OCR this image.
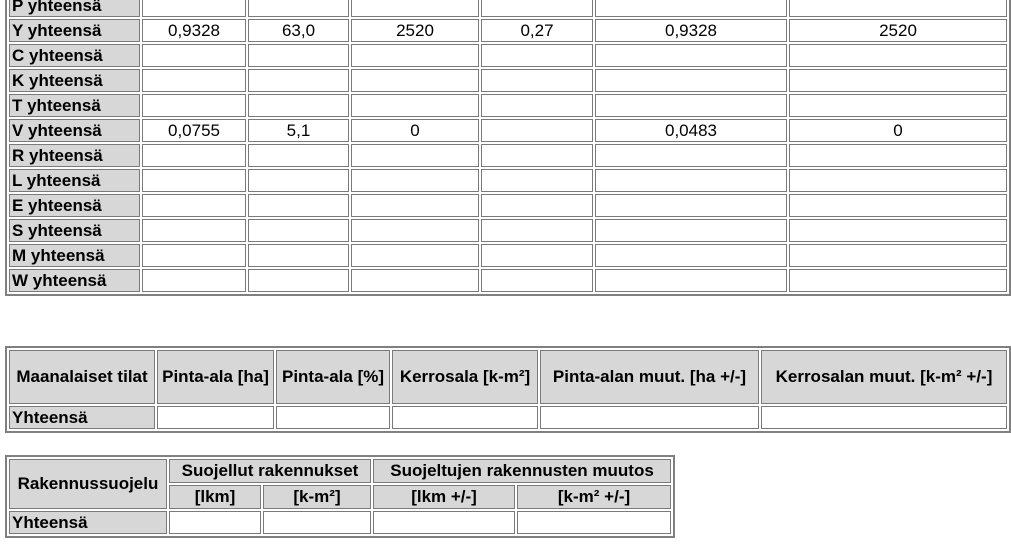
P yhteensä						
Y yhteensä	0,9328	63,0	2520	0,27	0,9328	2520
C yhteensä						
K yhteensä						
T yhteensä						
V yhteensä	0,0755	5,1	0		0,0483	0
R yhteensä						
L yhteensä						
E yhteensä						
S yhteensä						
M yhteensä						
W yhteensä						
Maanalaiset tilat	Pinta-ala [ha]	Pinta-ala [%]	Kerrosala [k-m²]	Pinta-alan muut. [ha +/-]	Kerrosalan muut. [k-m² +/-]
Yhteensä					
Rakennussuojelu	Suojellut rakennukset		Suojeltujen rakennusten muutos	
	[lkm]	[k-m²]	[lkm +/-]	[k-m² +/-]
Yhteensä				
